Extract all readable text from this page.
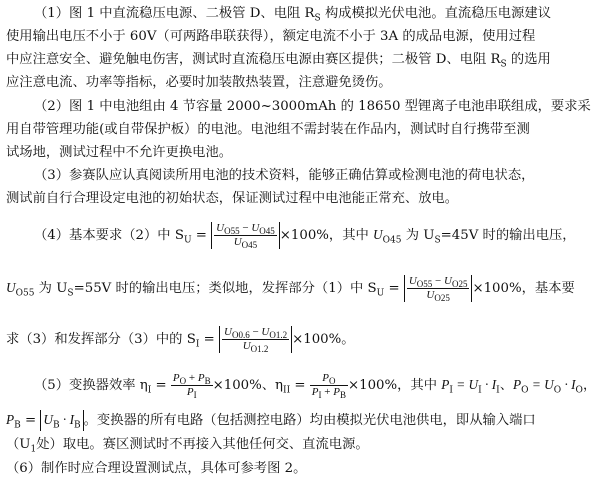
（1）图 1 中直流稳压电源、二极管 D、电阻 $R_S$ 构成模拟光伏电池。直流稳压电源建议
使用输出电压不小于 60V（可两路串联获得），额定电流不小于 3A 的成品电源，使用过程
中应注意安全、避免触电伤害，测试时直流稳压电源由赛区提供；二极管 D、电阻 $R_S$ 的选用
应注意电流、功率等指标，必要时加装散热装置，注意避免烫伤。
（2）图 1 中电池组由 4 节容量 2000~3000mAh 的 18650 型锂离子电池串联组成，要求采
用自带管理功能(或自带保护板）的电池。电池组不需封装在作品内，测试时自行携带至测
试场地，测试过程中不允许更换电池。
（3）参赛队应认真阅读所用电池的技术资料，能够正确估算或检测电池的荷电状态，
测试前自行合理设定电池的初始状态，保证测试过程中电池能正常充、放电。
（4）基本要求（2）中 $S_U = \frac{U_{O55} - U_{O45}}{U_{O45}} \times 100\%$，其中 $U_{O45}$ 为 $U_S=45V$ 时的输出电压，
$U_{O55}$ 为 $U_S=55V$ 时的输出电压；类似地，发挥部分（1）中 $S_U = \frac{U_{O55} - U_{O25}}{U_{O25}} \times 100\%$，基本要
求（3）和发挥部分（3）中的 $S_I = \frac{U_{O0.6} - U_{O1.2}}{U_{O1.2}} \times 100\%$。
（5）变换器效率 $\eta_I = \frac{P_O + P_B}{P_I} \times 100\%$、$\eta_{II} = \frac{P_O}{P_I + P_B} \times 100\%$，其中 $P_I = U_I \cdot I_I$、$P_O = U_O \cdot I_O$，
$P_B = U_B \cdot I_B$ 。变换器的所有电路（包括测控电路）均由模拟光伏电池供电，即从输入端口
（$U_1$处）取电。赛区测试时不再接入其他任何交、直流电源。
（6）制作时应合理设置测试点，具体可参考图 2。
